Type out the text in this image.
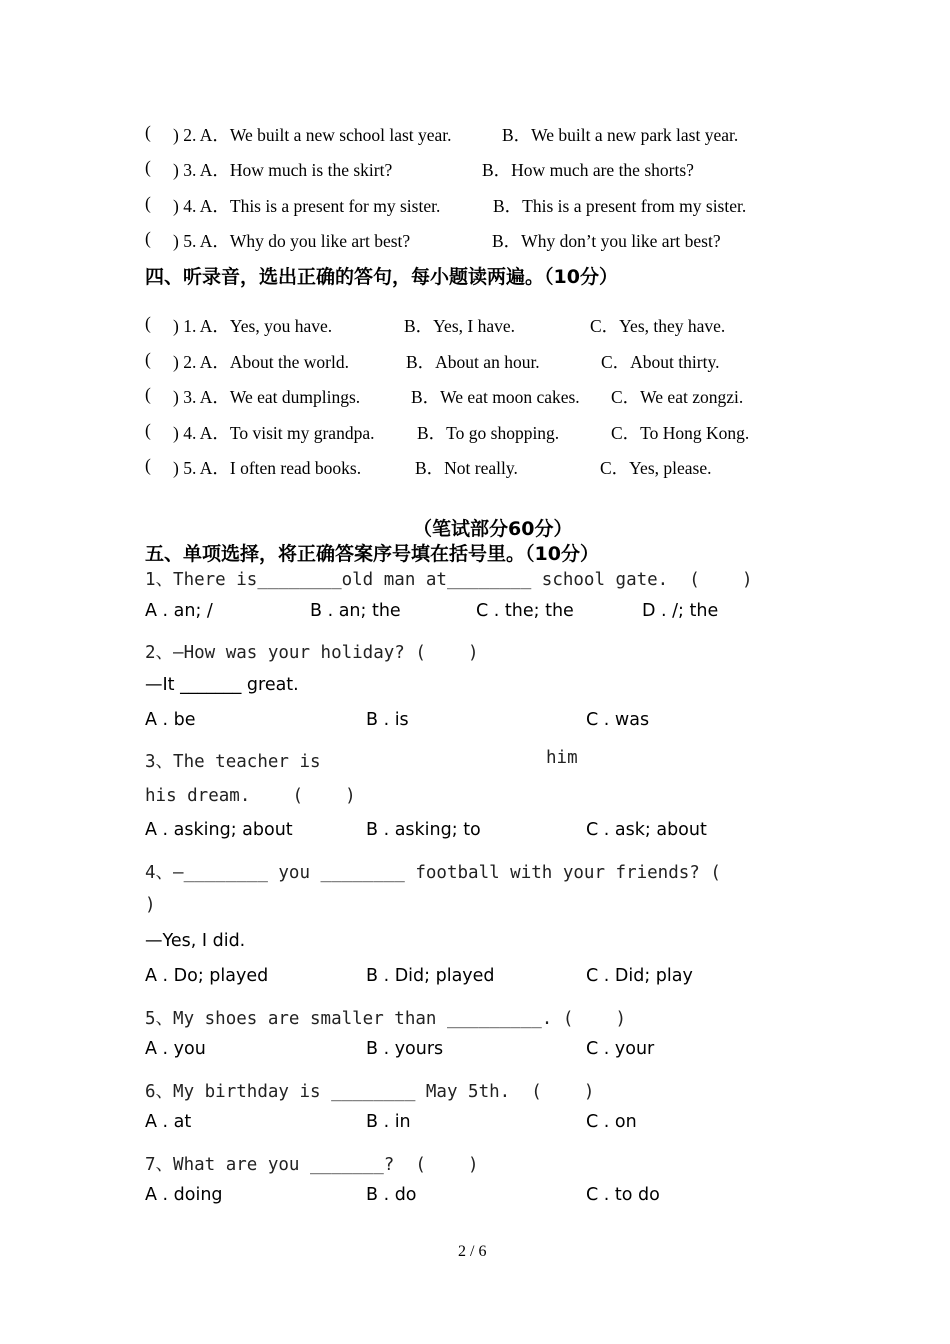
( ) 2. A．We built a new school last year.	B．We built a new park last year.
( ) 3. A．How much is the skirt?	B．How much are the shorts?
( ) 4. A．This is a present for my sister.	B．This is a present from my sister.
( ) 5. A．Why do you like art best?	B．Why don’t you like art best?
四、听录音，选出正确的答句，每小题读两遍。（10分）
( ) 1. A．Yes, you have.	B．Yes, I have.	C．Yes, they have.
( ) 2. A．About the world.	B．About an hour.	C．About thirty.
( ) 3. A．We eat dumplings.	B．We eat moon cakes. C．We eat zongzi.
( ) 4. A．To visit my grandpa. B．To go shopping.	C．To Hong Kong.
( ) 5. A．I often read books.	B．Not really.	C．Yes, please.
（笔试部分60分）
五、单项选择，将正确答案序号填在括号里。（10分）
1、There is________old man at________ school gate.  (    )
A . an; /	B . an; the	C . the; the	D . /; the
2、—How was your holiday? (    )
—It _______ great.
A . be	B . is	C . was
3、The teacher is	him
his dream.    (    )
A . asking; about	B . asking; to	C . ask; about
4、—________ you ________ football with your friends? (
)
—Yes, I did.
A . Do; played	B . Did; played	C . Did; play
5、My shoes are smaller than _________. (    )
A . you	B . yours	C . your
6、My birthday is ________ May 5th.  (    )
A . at	B . in	C . on
7、What are you _______?  (    )
A . doing	B . do	C . to do
2 / 6
